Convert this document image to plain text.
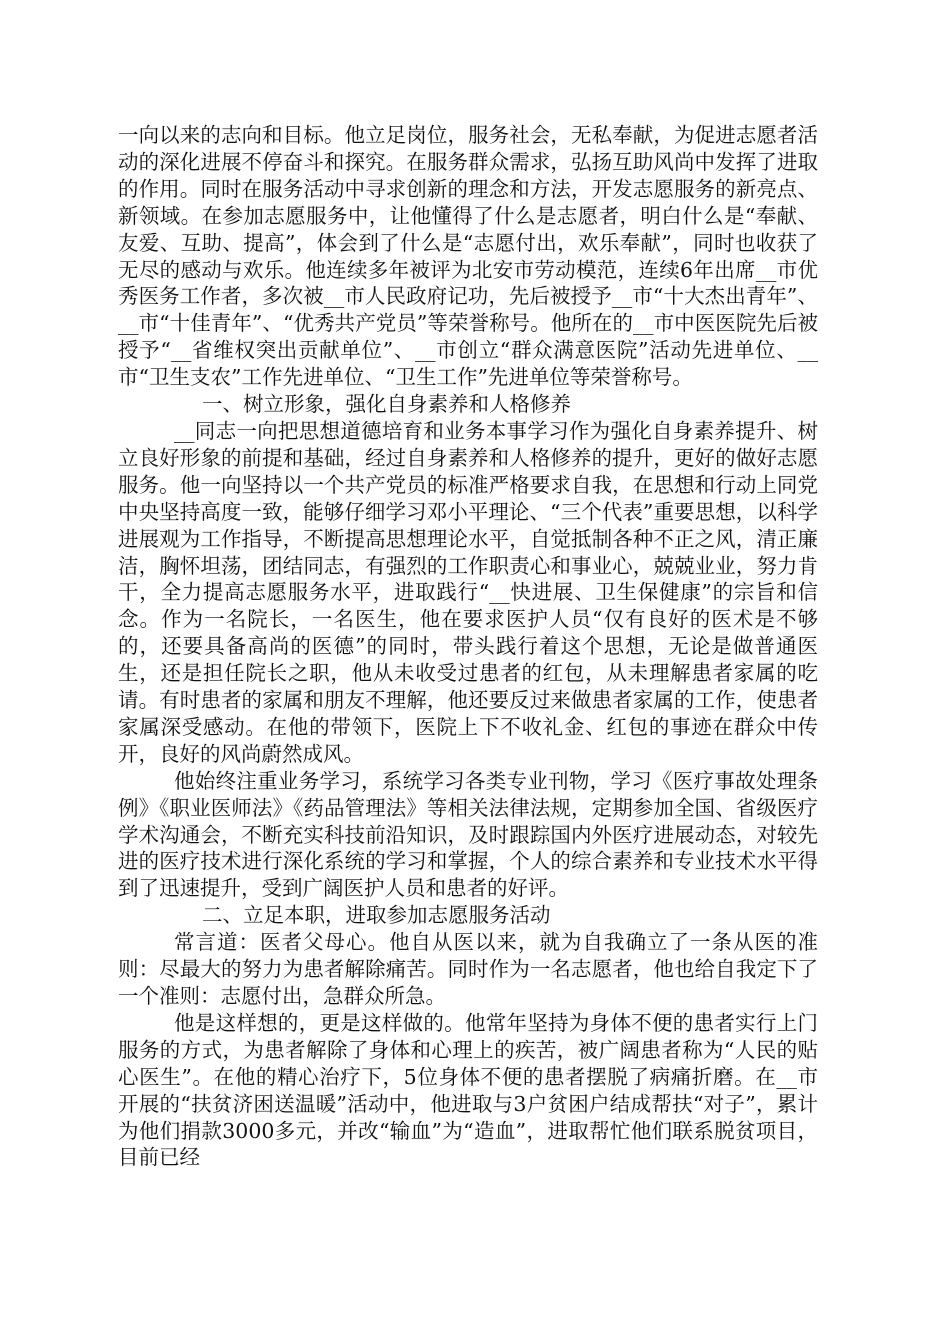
一向以来的志向和目标。他立足岗位，服务社会，无私奉献，为促进志愿者活动的深化进展不停奋斗和探究。在服务群众需求，弘扬互助风尚中发挥了进取的作用。同时在服务活动中寻求创新的理念和方法，开发志愿服务的新亮点、新领域。在参加志愿服务中，让他懂得了什么是志愿者，明白什么是“奉献、友爱、互助、提高”，体会到了什么是“志愿付出，欢乐奉献”，同时也收获了无尽的感动与欢乐。他连续多年被评为北安市劳动模范，连续6年出席__市优秀医务工作者，多次被__市人民政府记功，先后被授予__市“十大杰出青年”、__市“十佳青年”、“优秀共产党员”等荣誉称号。他所在的__市中医医院先后被授予“__省维权突出贡献单位”、__市创立“群众满意医院”活动先进单位、__市“卫生支农”工作先进单位、“卫生工作”先进单位等荣誉称号。

一、树立形象，强化自身素养和人格修养

__同志一向把思想道德培育和业务本事学习作为强化自身素养提升、树立良好形象的前提和基础，经过自身素养和人格修养的提升，更好的做好志愿服务。他一向坚持以一个共产党员的标准严格要求自我，在思想和行动上同党中央坚持高度一致，能够仔细学习邓小平理论、“三个代表”重要思想，以科学进展观为工作指导，不断提高思想理论水平，自觉抵制各种不正之风，清正廉洁，胸怀坦荡，团结同志，有强烈的工作职责心和事业心，兢兢业业，努力肯干，全力提高志愿服务水平，进取践行“__快进展、卫生保健康”的宗旨和信念。作为一名院长，一名医生，他在要求医护人员“仅有良好的医术是不够的，还要具备高尚的医德”的同时，带头践行着这个思想，无论是做普通医生，还是担任院长之职，他从未收受过患者的红包，从未理解患者家属的吃请。有时患者的家属和朋友不理解，他还要反过来做患者家属的工作，使患者家属深受感动。在他的带领下，医院上下不收礼金、红包的事迹在群众中传开，良好的风尚蔚然成风。

他始终注重业务学习，系统学习各类专业刊物，学习《医疗事故处理条例》《职业医师法》《药品管理法》等相关法律法规，定期参加全国、省级医疗学术沟通会，不断充实科技前沿知识，及时跟踪国内外医疗进展动态，对较先进的医疗技术进行深化系统的学习和掌握，个人的综合素养和专业技术水平得到了迅速提升，受到广阔医护人员和患者的好评。

二、立足本职，进取参加志愿服务活动

常言道：医者父母心。他自从医以来，就为自我确立了一条从医的准则：尽最大的努力为患者解除痛苦。同时作为一名志愿者，他也给自我定下了一个准则：志愿付出，急群众所急。

他是这样想的，更是这样做的。他常年坚持为身体不便的患者实行上门服务的方式，为患者解除了身体和心理上的疾苦，被广阔患者称为“人民的贴心医生”。在他的精心治疗下，5位身体不便的患者摆脱了病痛折磨。在__市开展的“扶贫济困送温暖”活动中，他进取与3户贫困户结成帮扶“对子”，累计为他们捐款3000多元，并改“输血”为“造血”，进取帮忙他们联系脱贫项目，目前已经
